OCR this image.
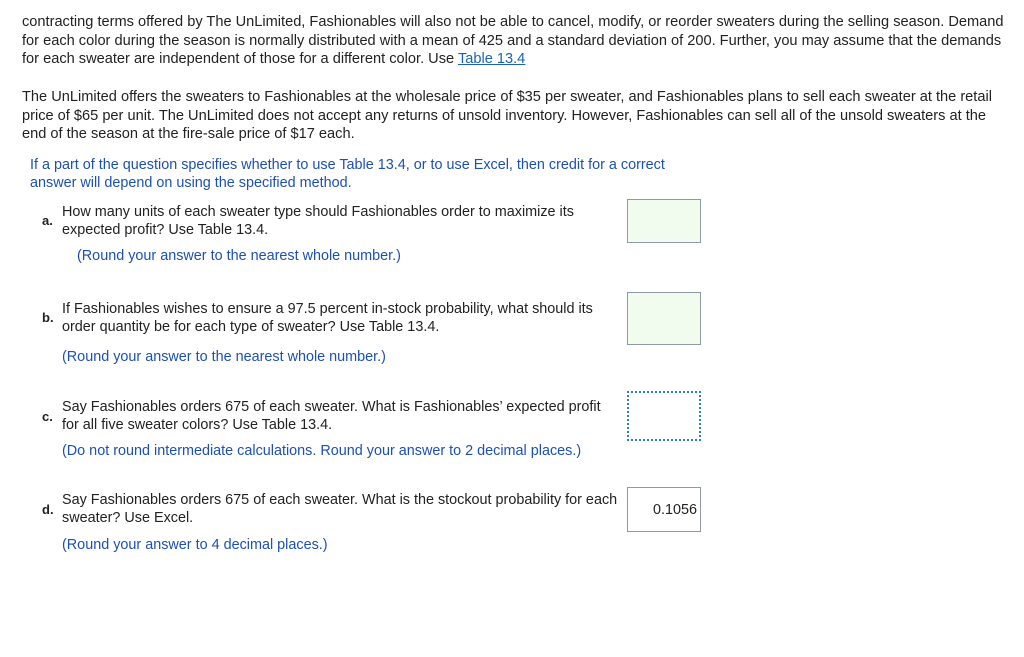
contracting terms offered by The UnLimited, Fashionables will also not be able to cancel, modify, or reorder sweaters during the selling season. Demand for each color during the season is normally distributed with a mean of 425 and a standard deviation of 200. Further, you may assume that the demands for each sweater are independent of those for a different color. Use Table 13.4

The UnLimited offers the sweaters to Fashionables at the wholesale price of $35 per sweater, and Fashionables plans to sell each sweater at the retail price of $65 per unit. The UnLimited does not accept any returns of unsold inventory. However, Fashionables can sell all of the unsold sweaters at the end of the season at the fire-sale price of $17 each.

If a part of the question specifies whether to use Table 13.4, or to use Excel, then credit for a correct answer will depend on using the specified method.

a.

How many units of each sweater type should Fashionables order to maximize its expected profit? Use Table 13.4.

(Round your answer to the nearest whole number.)
b.

If Fashionables wishes to ensure a 97.5 percent in-stock probability, what should its order quantity be for each type of sweater? Use Table 13.4.

(Round your answer to the nearest whole number.)
c.

Say Fashionables orders 675 of each sweater. What is Fashionables’ expected profit for all five sweater colors? Use Table 13.4.

(Do not round intermediate calculations. Round your answer to 2 decimal places.)
d.

Say Fashionables orders 675 of each sweater. What is the stockout probability for each sweater? Use Excel.

(Round your answer to 4 decimal places.)
0.1056
